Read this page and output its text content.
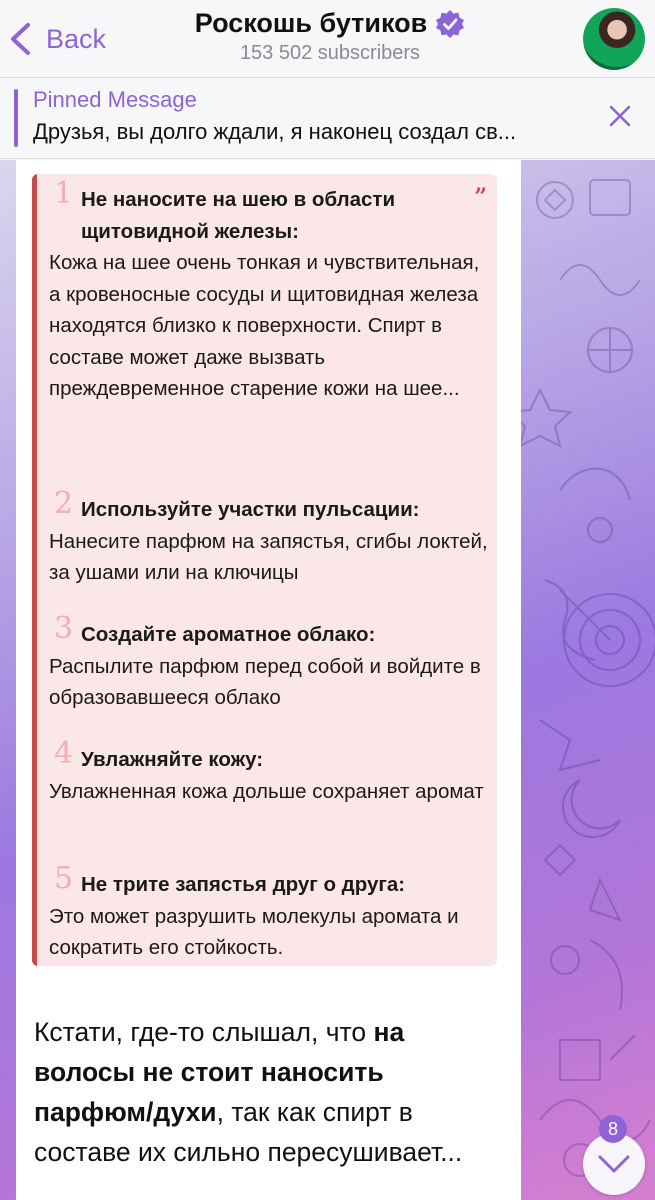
Back
Роскошь бутиков
153 502 subscribers
Pinned Message
Друзья, вы долго ждали, я наконец создал св...
”
1 Не наносите на шею в области щитовидной железы:
Кожа на шее очень тонкая и чувствительная, а кровеносные сосуды и щитовидная железа находятся близко к поверхности. Спирт в составе может даже вызвать преждевременное старение кожи на шее...
2 Используйте участки пульсации:
Нанесите парфюм на запястья, сгибы локтей, за ушами или на ключицы
3 Создайте ароматное облако:
Распылите парфюм перед собой и войдите в образовавшееся облако
4 Увлажняйте кожу:
Увлажненная кожа дольше сохраняет аромат
5 Не трите запястья друг о друга:
Это может разрушить молекулы аромата и сократить его стойкость.
Кстати, где-то слышал, что на волосы не стоит наносить парфюм/духи, так как спирт в составе их сильно пересушивает...
8
